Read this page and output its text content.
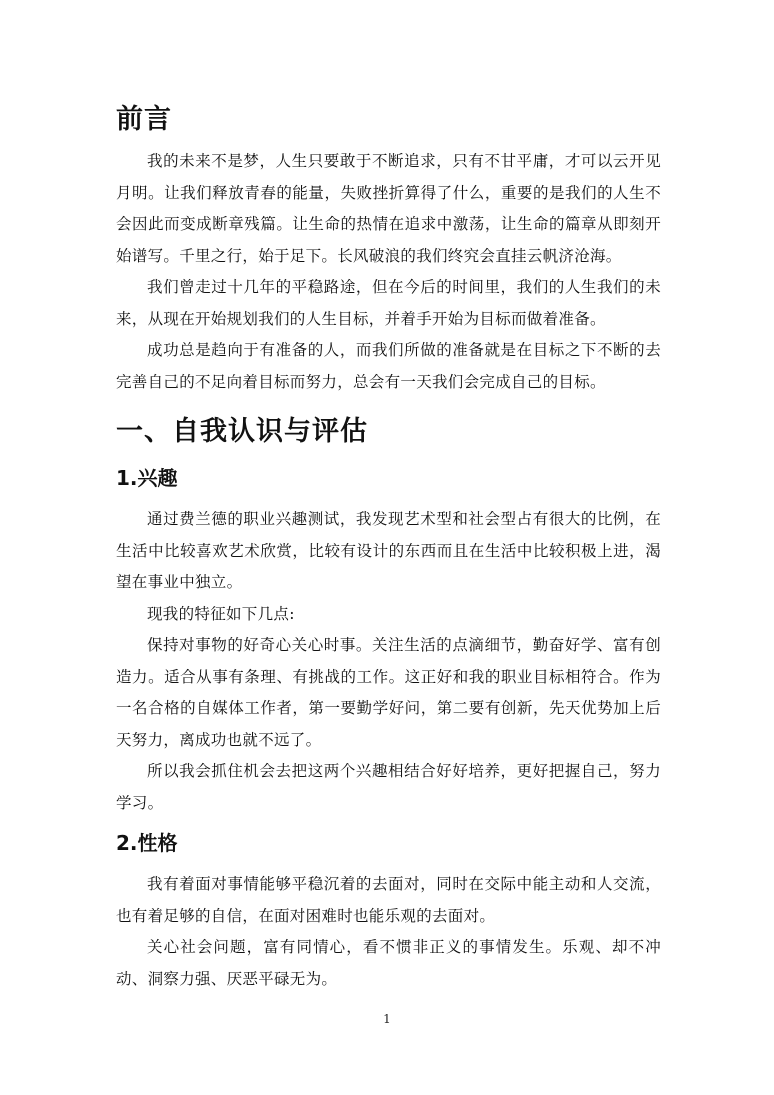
前言

我的未来不是梦，人生只要敢于不断追求，只有不甘平庸，才可以云开见月明。让我们释放青春的能量，失败挫折算得了什么，重要的是我们的人生不会因此而变成断章残篇。让生命的热情在追求中激荡，让生命的篇章从即刻开始谱写。千里之行，始于足下。长风破浪的我们终究会直挂云帆济沧海。

我们曾走过十几年的平稳路途，但在今后的时间里，我们的人生我们的未来，从现在开始规划我们的人生目标，并着手开始为目标而做着准备。

成功总是趋向于有准备的人，而我们所做的准备就是在目标之下不断的去完善自己的不足向着目标而努力，总会有一天我们会完成自己的目标。

一、自我认识与评估
1.兴趣

通过费兰德的职业兴趣测试，我发现艺术型和社会型占有很大的比例，在生活中比较喜欢艺术欣赏，比较有设计的东西而且在生活中比较积极上进，渴望在事业中独立。

现我的特征如下几点:

保持对事物的好奇心关心时事。关注生活的点滴细节，勤奋好学、富有创造力。适合从事有条理、有挑战的工作。这正好和我的职业目标相符合。作为一名合格的自媒体工作者，第一要勤学好问，第二要有创新，先天优势加上后天努力，离成功也就不远了。

所以我会抓住机会去把这两个兴趣相结合好好培养，更好把握自己，努力学习。

2.性格

我有着面对事情能够平稳沉着的去面对，同时在交际中能主动和人交流，也有着足够的自信，在面对困难时也能乐观的去面对。

关心社会问题，富有同情心，看不惯非正义的事情发生。乐观、却不冲动、洞察力强、厌恶平碌无为。

1
